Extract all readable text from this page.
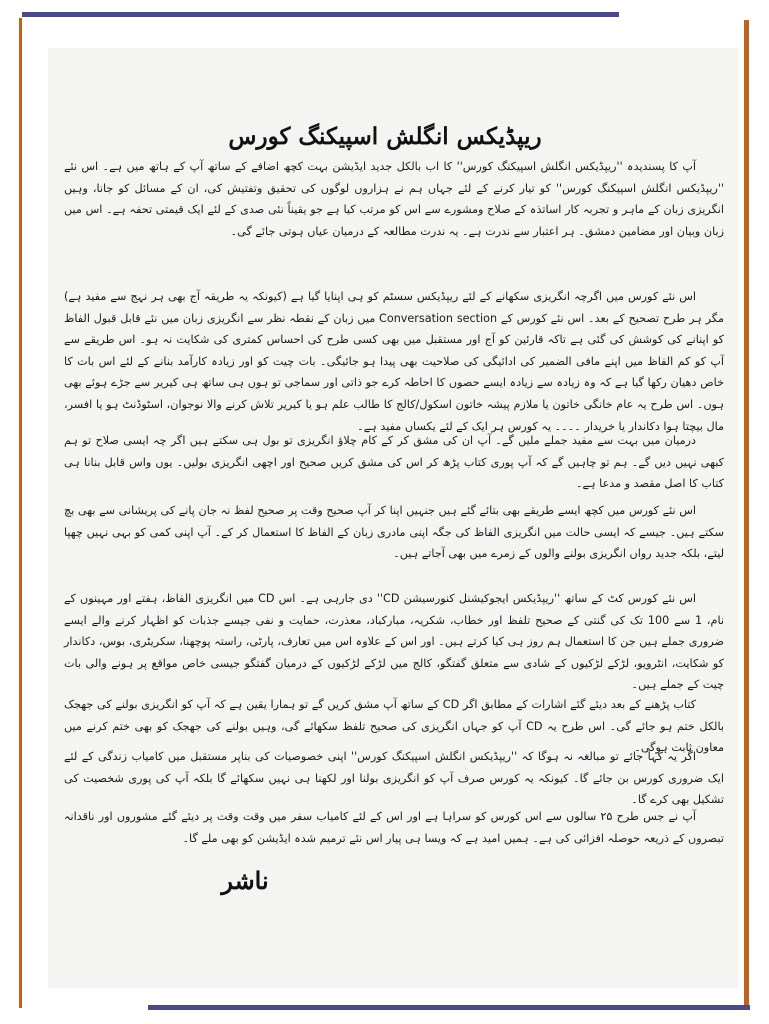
ریپڈیکس انگلش اسپیکنگ کورس

آپ کا پسندیدہ ''ریپڈیکس انگلش اسپیکنگ کورس'' کا اب بالکل جدید ایڈیشن بہت کچھ اضافے کے ساتھ آپ کے ہاتھ میں ہے۔ اس نئے ''ریپڈیکس انگلش اسپیکنگ کورس'' کو تیار کرنے کے لئے جہاں ہم نے ہزاروں لوگوں کی تحقیق وتفتیش کی، ان کے مسائل کو جانا، وہیں انگریزی زبان کے ماہر و تجربہ کار اساتذہ کے صلاح ومشورے سے اس کو مرتب کیا ہے جو یقیناً نئی صدی کے لئے ایک قیمتی تحفہ ہے۔ اس میں زبان وبیان اور مضامین دمشق۔ ہر اعتبار سے ندرت ہے۔ یہ ندرت مطالعہ کے درمیان عیاں ہوتی جائے گی۔

اس نئے کورس میں اگرچہ انگریزی سکھانے کے لئے ریپڈیکس سسٹم کو ہی اپنایا گیا ہے (کیونکہ یہ طریقہ آج بھی ہر نہج سے مفید ہے) مگر ہر طرح تصحیح کے بعد۔ اس نئے کورس کے Conversation section میں زبان کے نقطہ نظر سے انگریزی زبان میں نئے قابل قبول الفاظ کو اپنانے کی کوشش کی گئی ہے تاکہ قارئین کو آج اور مستقبل میں بھی کسی طرح کی احساس کمتری کی شکایت نہ ہو۔ اس طریقے سے آپ کو کم الفاظ میں اپنے مافی الضمیر کی ادائیگی کی صلاحیت بھی پیدا ہو جائیگی۔ بات چیت کو اور زیادہ کارآمد بنانے کے لئے اس بات کا خاص دھیان رکھا گیا ہے کہ وہ زیادہ سے زیادہ ایسے حصوں کا احاطہ کرے جو ذاتی اور سماجی تو ہوں ہی ساتھ ہی کیریر سے جڑے ہوئے بھی ہوں۔ اس طرح یہ عام خانگی خاتون یا ملازم پیشہ خاتون اسکول/کالج کا طالب علم ہو یا کیریر تلاش کرنے والا نوجوان، اسٹوڈنٹ ہو یا افسر، مال بیچتا ہوا دکاندار یا خریدار ۔۔۔۔ یہ کورس ہر ایک کے لئے یکساں مفید ہے۔

درمیان میں بہت سے مفید جملے ملیں گے۔ آپ ان کی مشق کر کے کام چلاؤ انگریزی تو بول ہی سکتے ہیں اگر چہ ایسی صلاح تو ہم کبھی نہیں دیں گے۔ ہم تو چاہیں گے کہ آپ پوری کتاب پڑھ کر اس کی مشق کریں صحیح اور اچھی انگریزی بولیں۔ یوں واس قابل بنانا ہی کتاب کا اصل مقصد و مدعا ہے۔

اس نئے کورس میں کچھ ایسے طریقے بھی بتائے گئے ہیں جنہیں اپنا کر آپ صحیح وقت پر صحیح لفظ نہ جان پانے کی پریشانی سے بھی بچ سکتے ہیں۔ جیسے کہ ایسی حالت میں انگریزی الفاظ کی جگہ اپنی مادری زبان کے الفاظ کا استعمال کر کے۔ آپ اپنی کمی کو بہی نہیں چھپا لیتے، بلکہ جدید رواں انگریزی بولنے والوں کے زمرے میں بھی آجاتے ہیں۔

اس نئے کورس کٹ کے ساتھ ''ریپڈیکس ایجوکیشنل کنورسیشن CD'' دی جارہی ہے۔ اس CD میں انگریزی الفاظ، ہفتے اور مہینوں کے نام، 1 سے 100 تک کی گنتی کے صحیح تلفظ اور خطاب، شکریہ، مبارکباد، معذرت، حمایت و نفی جیسے جذبات کو اظہار کرنے والے ایسے ضروری جملے ہیں جن کا استعمال ہم روز ہی کیا کرتے ہیں۔ اور اس کے علاوہ اس میں تعارف، پارٹی، راستہ پوچھنا، سکریٹری، بوس، دکاندار کو شکایت، انٹرویو، لڑکے لڑکیوں کے شادی سے متعلق گفتگو، کالج میں لڑکے لڑکیوں کے درمیان گفتگو جیسی خاص مواقع پر ہونے والی بات چیت کے جملے ہیں۔

کتاب پڑھنے کے بعد دیئے گئے اشارات کے مطابق اگر CD کے ساتھ آپ مشق کریں گے تو ہمارا یقین ہے کہ آپ کو انگریزی بولنے کی جھجک بالکل ختم ہو جائے گی۔ اس طرح یہ CD آپ کو جہاں انگریزی کی صحیح تلفظ سکھائے گی، وہیں بولنے کی جھجک کو بھی ختم کرنے میں معاون ثابت ہوگی۔

اگر یہ کہا جائے تو مبالغہ نہ ہوگا کہ ''ریپڈیکس انگلش اسپیکنگ کورس'' اپنی خصوصیات کی بناپر مستقبل میں کامیاب زندگی کے لئے ایک ضروری کورس بن جائے گا۔ کیونکہ یہ کورس صرف آپ کو انگریزی بولنا اور لکھنا ہی نہیں سکھائے گا بلکہ آپ کی پوری شخصیت کی تشکیل بھی کرے گا۔

آپ نے جس طرح ۲۵ سالوں سے اس کورس کو سراہا ہے اور اس کے لئے کامیاب سفر میں وقت وقت پر دیئے گئے مشوروں اور ناقدانہ تبصروں کے ذریعہ حوصلہ افزائی کی ہے۔ ہمیں امید ہے کہ ویسا ہی پیار اس نئے ترمیم شدہ ایڈیشن کو بھی ملے گا۔

ناشر
